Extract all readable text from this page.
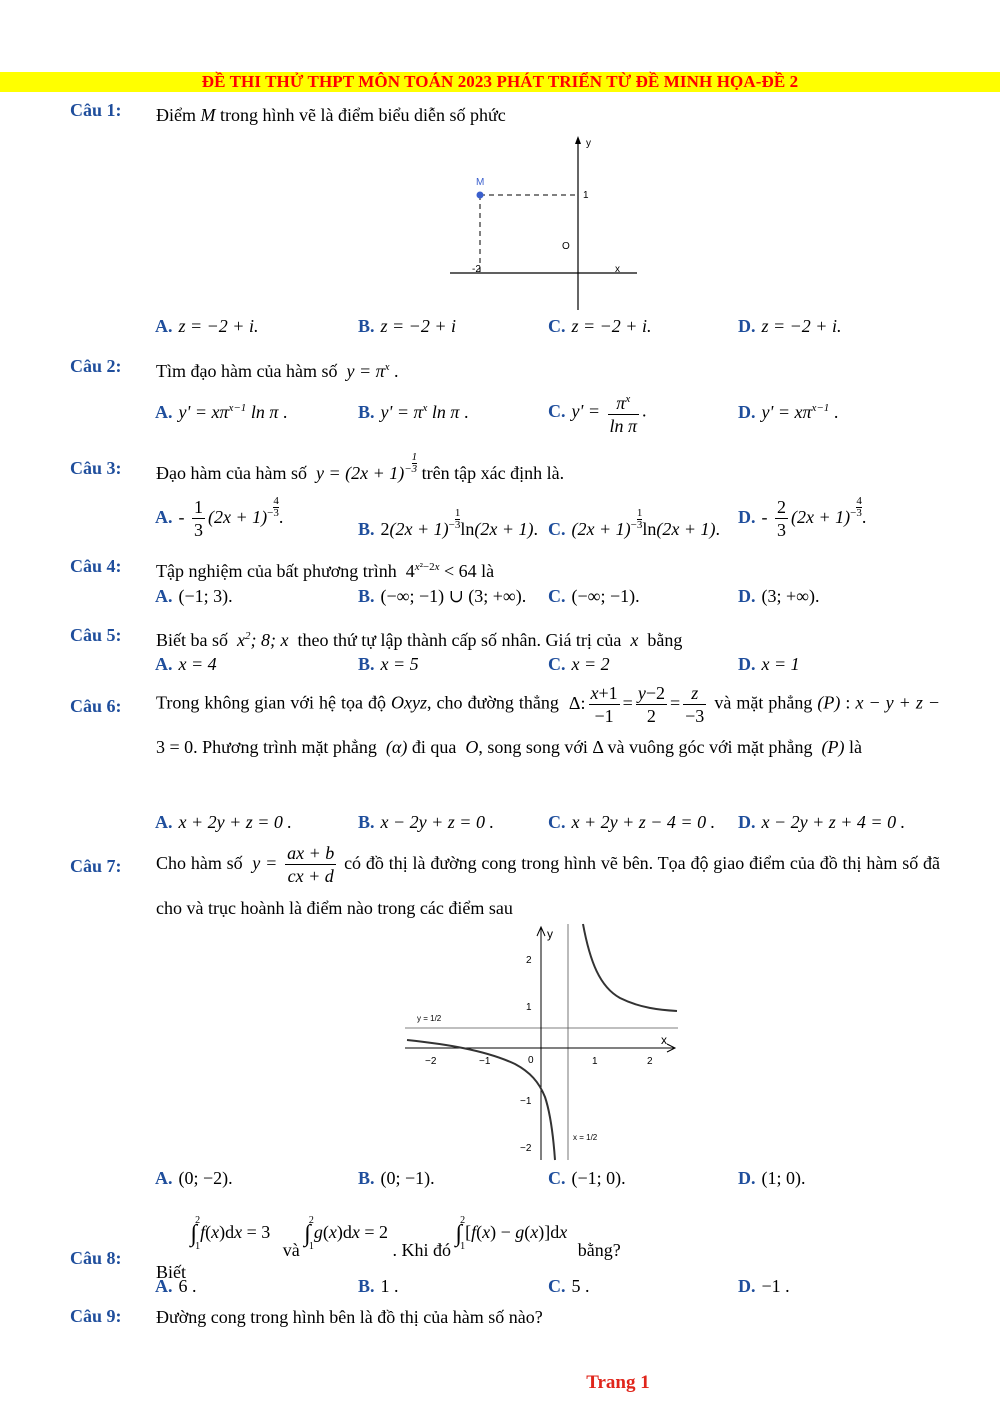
ĐỀ THI THỬ THPT MÔN TOÁN 2023 PHÁT TRIỂN TỪ ĐỀ MINH HỌA-ĐỀ 2
Câu 1: Điểm M trong hình vẽ là điểm biểu diễn số phức
M
y
x
O
1
-2
A. z = −2 + i.	B. z = −2 + i	C. z = −2 + i.	D. z = −2 + i.
Câu 2: Tìm đạo hàm của hàm số  $y = \pi^x$ .
A. $y' = x\pi^{x-1}$ ln π .	B. $y' = \pi^x$ ln π .	C. $y' = \frac{\pi^x}{\text{ln π}}$ .	D. $y' = x\pi^{x-1}$ .
Câu 3: Đạo hàm của hàm số  y = (2x + 1)−
1
3 trên tập xác định là.
A. - $\frac{1}{3} (2x + 1)-$
4
3.
B. 2(2x + 1)−
1
3ln(2x + 1). C. (2x + 1)−
1
3ln(2x + 1).
D. - $\frac{2}{3} (2x + 1)-$
4
3.
Câu 4: Tập nghiệm của bất phương trình  $4^{x^2-2x} < 64$ là
A. (−1; 3).	B. (−∞; −1) ∪ (3; +∞). C. (−∞; −1).	D. (3; +∞).
Câu 5: Biết ba số  $x^2$; 8; x  theo thứ tự lập thành cấp số nhân. Giá trị của  x  bằng
A. x = 4	B. x = 5	C. x = 2	D. x = 1
Câu 6: Trong không gian với hệ tọa độ Oxyz, cho đường thẳng  Δ: $\frac{x+1}{-1} = \frac{y-2}{2} = \frac{z}{-3}$ và mặt phẳng (P) : x − y + z − 3 = 0. Phương trình mặt phẳng  (α) đi qua  O, song song với Δ và vuông góc với mặt phẳng  (P) là
A. x + 2y + z = 0 .	B. x − 2y + z = 0 .	C. x + 2y + z − 4 = 0 . D. x − 2y + z + 4 = 0 .
Câu 7: Cho hàm số  $y = \frac{ax + b}{cx + d}$ có đồ thị là đường cong trong hình vẽ bên. Tọa độ giao điểm của đồ thị hàm số đã cho và trục hoành là điểm nào trong các điểm sau
y
x
0
−2	−1	1	2
2
1
−1
−2
y = 1/2
x = 1/2
A. (0; −2).	B. (0; −1).	C. (−1; 0).	D. (1; 0).
Câu 8:
Biết ∫2
1f(x)dx = 3 và ∫2
1g(x)dx = 2 . Khi đó ∫2
1[f(x) − g(x)]dx bằng?
A. 6 .	B. 1 .	C. 5 .	D. −1 .
Câu 9: Đường cong trong hình bên là đồ thị của hàm số nào?
Trang 1
